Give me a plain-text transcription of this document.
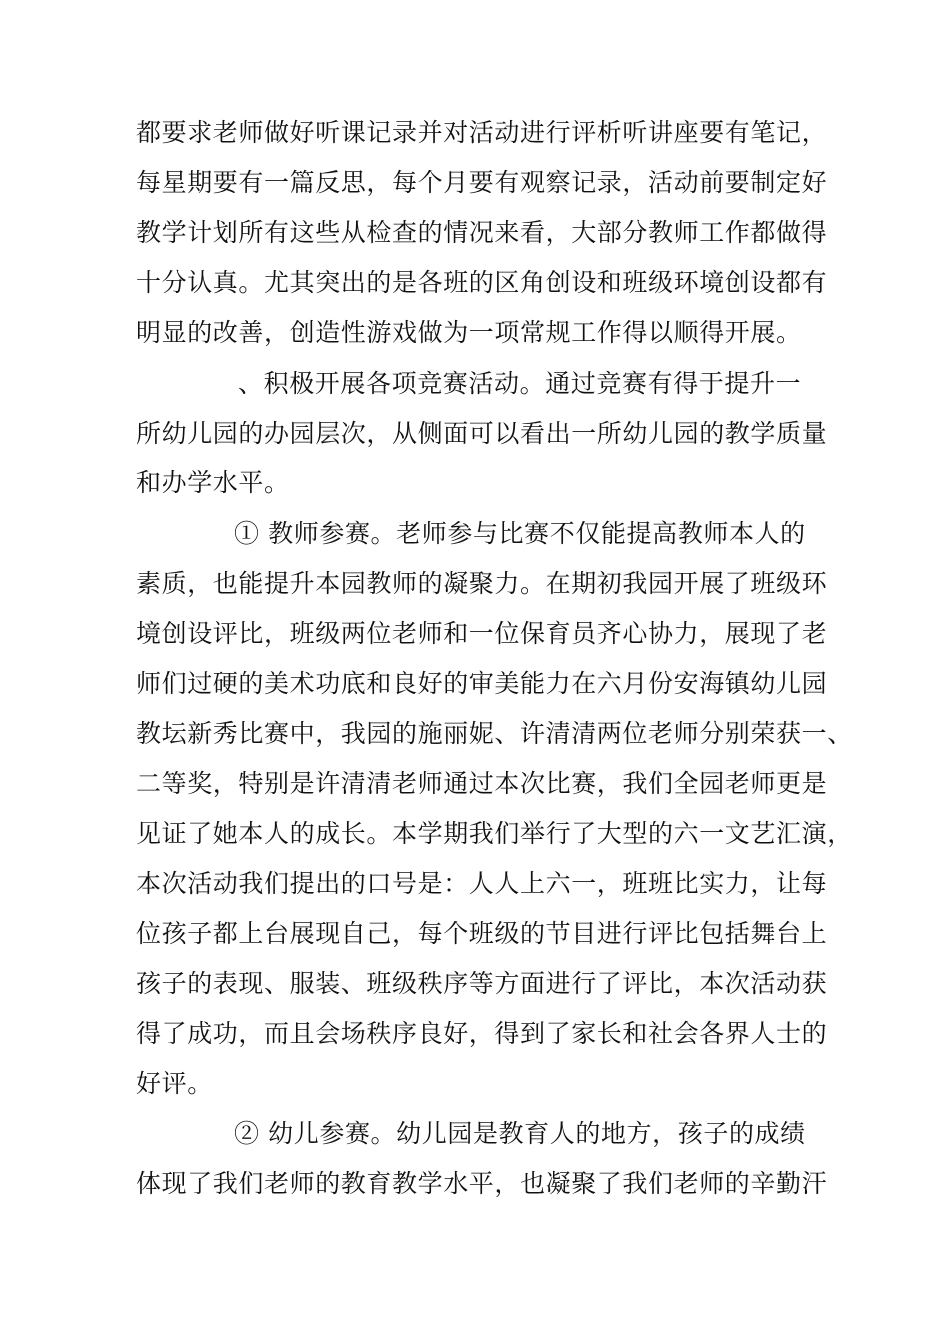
都要求老师做好听课记录并对活动进行评析听讲座要有笔记，
每星期要有一篇反思，每个月要有观察记录，活动前要制定好
教学计划所有这些从检查的情况来看，大部分教师工作都做得
十分认真。尤其突出的是各班的区角创设和班级环境创设都有
明显的改善，创造性游戏做为一项常规工作得以顺得开展。
、积极开展各项竞赛活动。通过竞赛有得于提升一
所幼儿园的办园层次，从侧面可以看出一所幼儿园的教学质量
和办学水平。
① 教师参赛。老师参与比赛不仅能提高教师本人的
素质，也能提升本园教师的凝聚力。在期初我园开展了班级环
境创设评比，班级两位老师和一位保育员齐心协力，展现了老
师们过硬的美术功底和良好的审美能力在六月份安海镇幼儿园
教坛新秀比赛中，我园的施丽妮、许清清两位老师分别荣获一、
二等奖，特别是许清清老师通过本次比赛，我们全园老师更是
见证了她本人的成长。本学期我们举行了大型的六一文艺汇演，
本次活动我们提出的口号是：人人上六一，班班比实力，让每
位孩子都上台展现自己，每个班级的节目进行评比包括舞台上
孩子的表现、服装、班级秩序等方面进行了评比，本次活动获
得了成功，而且会场秩序良好，得到了家长和社会各界人士的
好评。
② 幼儿参赛。幼儿园是教育人的地方，孩子的成绩
体现了我们老师的教育教学水平，也凝聚了我们老师的辛勤汗
